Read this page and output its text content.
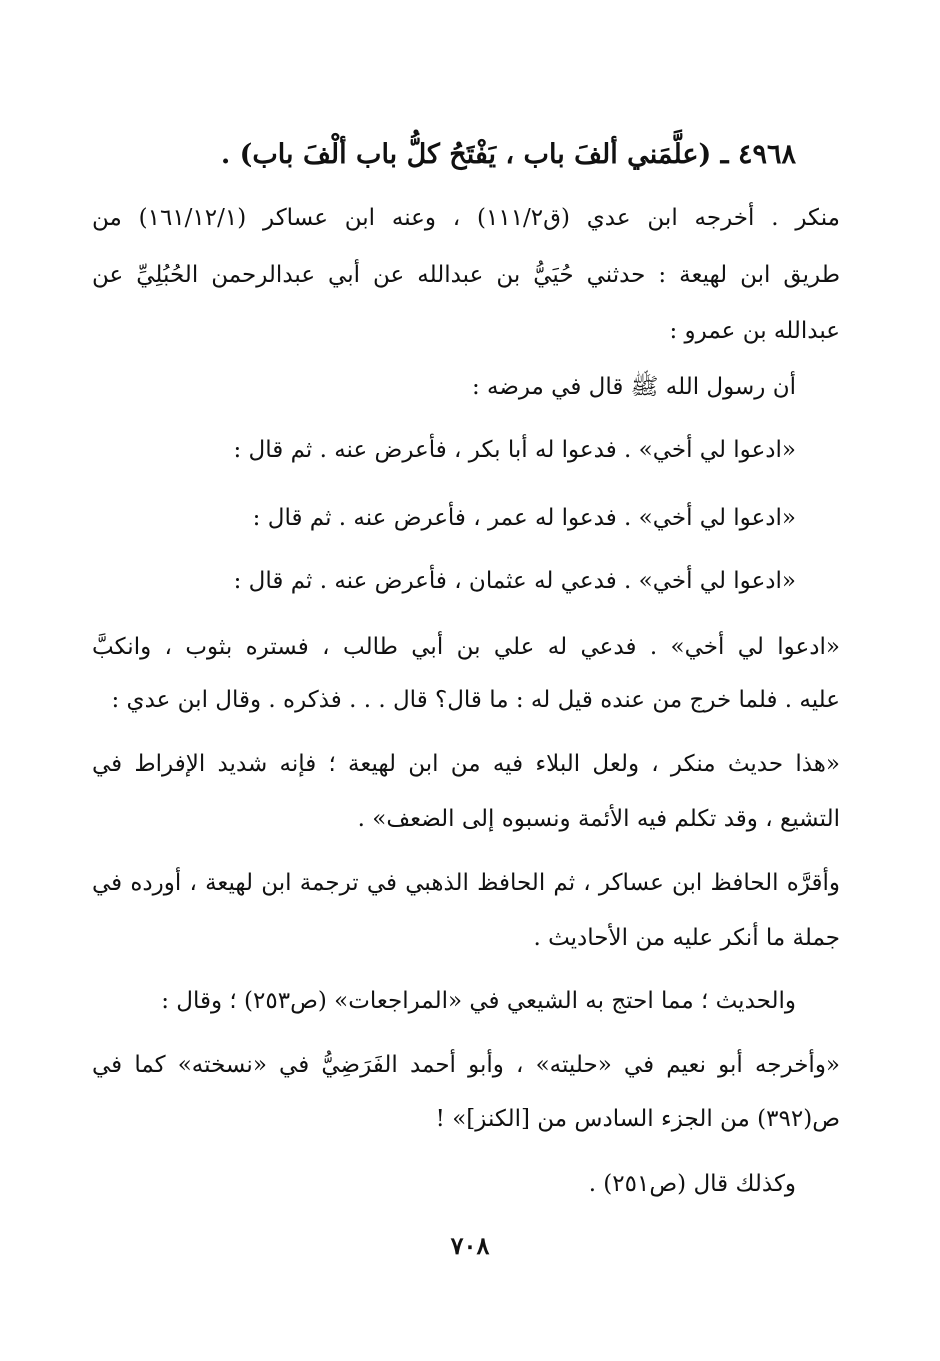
٤٩٦٨ ـ (علَّمَني ألفَ باب ، يَفْتَحُ كلُّ باب ألْفَ باب) .
منكر . أخرجه ابن عدي (ق١١١/٢) ، وعنه ابن عساكر (١٦١/١٢/١) من
طريق ابن لهيعة : حدثني حُيَيُّ بن عبدالله عن أبي عبدالرحمن الحُبُلِيِّ عن
عبدالله بن عمرو :
أن رسول الله ﷺ قال في مرضه :
«ادعوا لي أخي» . فدعوا له أبا بكر ، فأعرض عنه . ثم قال :
«ادعوا لي أخي» . فدعوا له عمر ، فأعرض عنه . ثم قال :
«ادعوا لي أخي» . فدعي له عثمان ، فأعرض عنه . ثم قال :
«ادعوا لي أخي» . فدعي له علي بن أبي طالب ، فستره بثوب ، وانكبَّ
عليه . فلما خرج من عنده قيل له : ما قال؟ قال . . . فذكره . وقال ابن عدي :
«هذا حديث منكر ، ولعل البلاء فيه من ابن لهيعة ؛ فإنه شديد الإفراط في
التشيع ، وقد تكلم فيه الأئمة ونسبوه إلى الضعف» .
وأقرَّه الحافظ ابن عساكر ، ثم الحافظ الذهبي في ترجمة ابن لهيعة ، أورده في
جملة ما أنكر عليه من الأحاديث .
والحديث ؛ مما احتج به الشيعي في «المراجعات» (ص٢٥٣) ؛ وقال :
«وأخرجه أبو نعيم في «حليته» ، وأبو أحمد الفَرَضِيُّ في «نسخته» كما في
ص(٣٩٢) من الجزء السادس من [الكنز]» !
وكذلك قال (ص٢٥١) .
٧٠٨
